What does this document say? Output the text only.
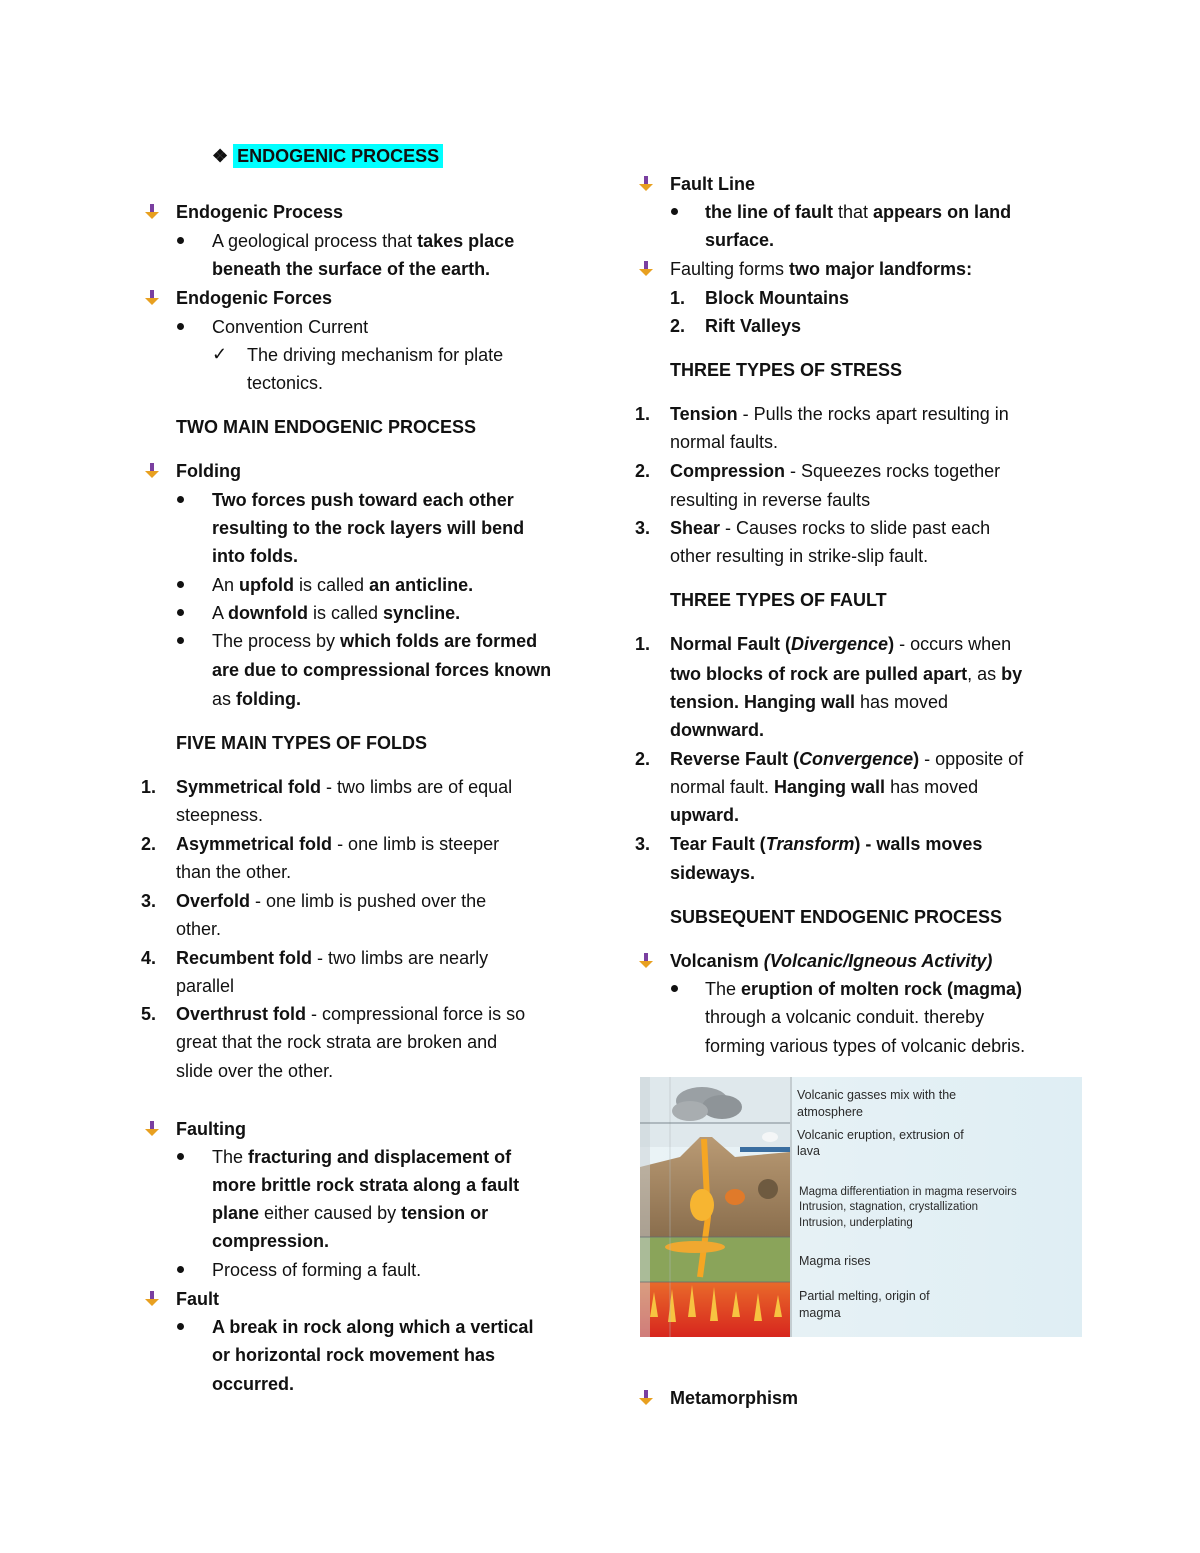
❖ ENDOGENIC PROCESS
Endogenic Process
A geological process that takes place
beneath the surface of the earth.
Endogenic Forces
Convention Current
✓ The driving mechanism for plate
tectonics.
TWO MAIN ENDOGENIC PROCESS
Folding
Two forces push toward each other
resulting to the rock layers will bend
into folds.
An upfold is called an anticline.
A downfold is called syncline.
The process by which folds are formed
are due to compressional forces known
as folding.
FIVE MAIN TYPES OF FOLDS
1. Symmetrical fold - two limbs are of equal
steepness.
2. Asymmetrical fold - one limb is steeper
than the other.
3. Overfold - one limb is pushed over the
other.
4. Recumbent fold - two limbs are nearly
parallel
5. Overthrust fold - compressional force is so
great that the rock strata are broken and
slide over the other.
Faulting
The fracturing and displacement of
more brittle rock strata along a fault
plane either caused by tension or
compression.
Process of forming a fault.
Fault
A break in rock along which a vertical
or horizontal rock movement has
occurred.
Fault Line
the line of fault that appears on land
surface.
Faulting forms two major landforms:
1. Block Mountains
2. Rift Valleys
THREE TYPES OF STRESS
1. Tension - Pulls the rocks apart resulting in
normal faults.
2. Compression - Squeezes rocks together
resulting in reverse faults
3. Shear - Causes rocks to slide past each
other resulting in strike-slip fault.
THREE TYPES OF FAULT
1. Normal Fault (Divergence) - occurs when
two blocks of rock are pulled apart, as by
tension. Hanging wall has moved
downward.
2. Reverse Fault (Convergence) - opposite of
normal fault. Hanging wall has moved
upward.
3. Tear Fault (Transform) - walls moves
sideways.
SUBSEQUENT ENDOGENIC PROCESS
Volcanism (Volcanic/Igneous Activity)
The eruption of molten rock (magma)
through a volcanic conduit. thereby
forming various types of volcanic debris.
Volcanic gasses mix with the
atmosphere
Volcanic eruption, extrusion of
lava
Magma differentiation in magma reservoirs
Intrusion, stagnation, crystallization
Intrusion, underplating
Magma rises
Partial melting, origin of
magma
Metamorphism
